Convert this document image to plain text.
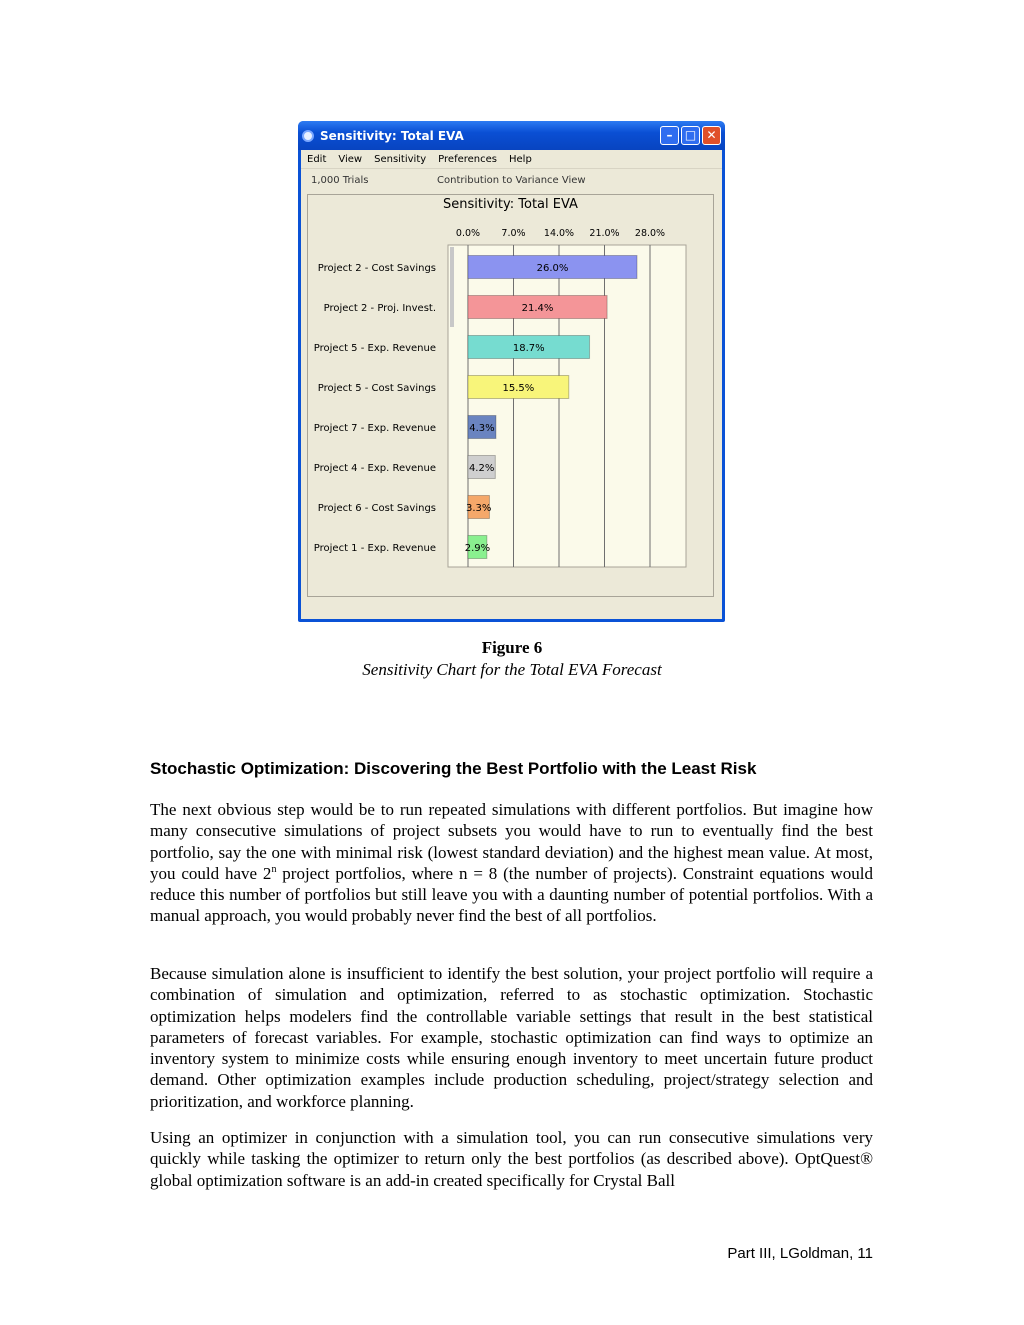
Sensitivity: Total EVA	–	□ ✕
Edit View Sensitivity Preferences Help
1,000 Trials	Contribution to Variance View
Sensitivity: Total EVA
0.0% 7.0% 14.0% 21.0% 28.0%
Project 2 - Cost Savings	26.0%
Project 2 - Proj. Invest.	21.4%
Project 5 - Exp. Revenue	18.7%
Project 5 - Cost Savings	15.5%
Project 7 - Exp. Revenue	4.3%
Project 4 - Exp. Revenue	4.2%
Project 6 - Cost Savings	3.3%
Project 1 - Exp. Revenue	2.9%
Figure 6
Sensitivity Chart for the Total EVA Forecast
Stochastic Optimization: Discovering the Best Portfolio with the Least Risk

The next obvious step would be to run repeated simulations with different portfolios. But imagine how many consecutive simulations of project subsets you would have to run to eventually find the best portfolio, say the one with minimal risk (lowest standard deviation) and the highest mean value. At most, you could have 2$^n$ project portfolios, where n = 8 (the number of projects). Constraint equations would reduce this number of portfolios but still leave you with a daunting number of potential portfolios. With a manual approach, you would probably never find the best of all portfolios.

Because simulation alone is insufficient to identify the best solution, your project portfolio will require a combination of simulation and optimization, referred to as stochastic optimization. Stochastic optimization helps modelers find the controllable variable settings that result in the best statistical parameters of forecast variables. For example, stochastic optimization can find ways to optimize an inventory system to minimize costs while ensuring enough inventory to meet uncertain future product demand. Other optimization examples include production scheduling, project/strategy selection and prioritization, and workforce planning.

Using an optimizer in conjunction with a simulation tool, you can run consecutive simulations very quickly while tasking the optimizer to return only the best portfolios (as described above). OptQuest® global optimization software is an add-in created specifically for Crystal Ball

Part III, LGoldman, 11
